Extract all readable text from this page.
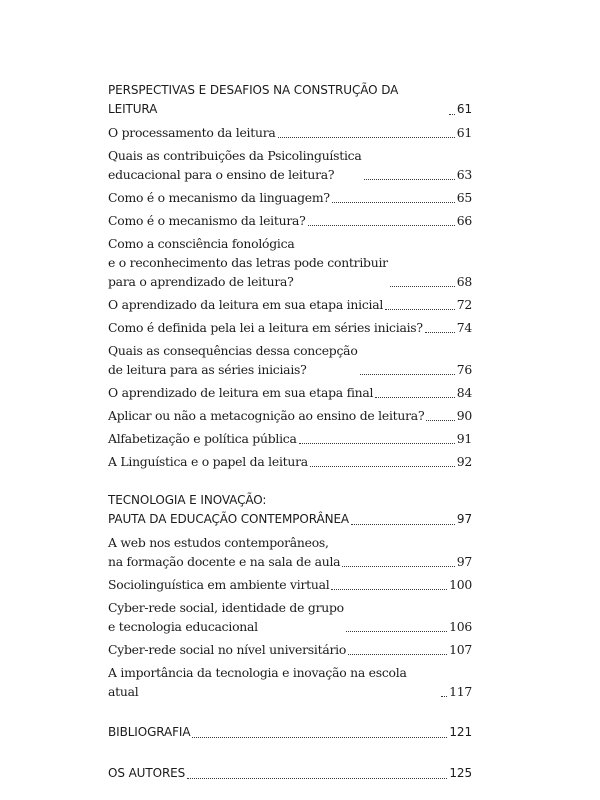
PERSPECTIVAS E DESAFIOS NA CONSTRUÇÃO DA LEITURA	61
O processamento da leitura	61
Quais as contribuições da Psicolinguística
educacional para o ensino de leitura?	63
Como é o mecanismo da linguagem?	65
Como é o mecanismo da leitura?	66
Como a consciência fonológica
e o reconhecimento das letras pode contribuir
para o aprendizado de leitura?	68
O aprendizado da leitura em sua etapa inicial	72
Como é definida pela lei a leitura em séries iniciais?	74
Quais as consequências dessa concepção
de leitura para as séries iniciais?	76
O aprendizado de leitura em sua etapa final	84
Aplicar ou não a metacognição ao ensino de leitura?	90
Alfabetização e política pública	91
A Linguística e o papel da leitura	92
TECNOLOGIA E INOVAÇÃO:
PAUTA DA EDUCAÇÃO CONTEMPORÂNEA	97
A web nos estudos contemporâneos,
na formação docente e na sala de aula	97
Sociolinguística em ambiente virtual	100
Cyber-rede social, identidade de grupo
e tecnologia educacional	106
Cyber-rede social no nível universitário	107
A importância da tecnologia e inovação na escola atual	117
BIBLIOGRAFIA	121
OS AUTORES	125
